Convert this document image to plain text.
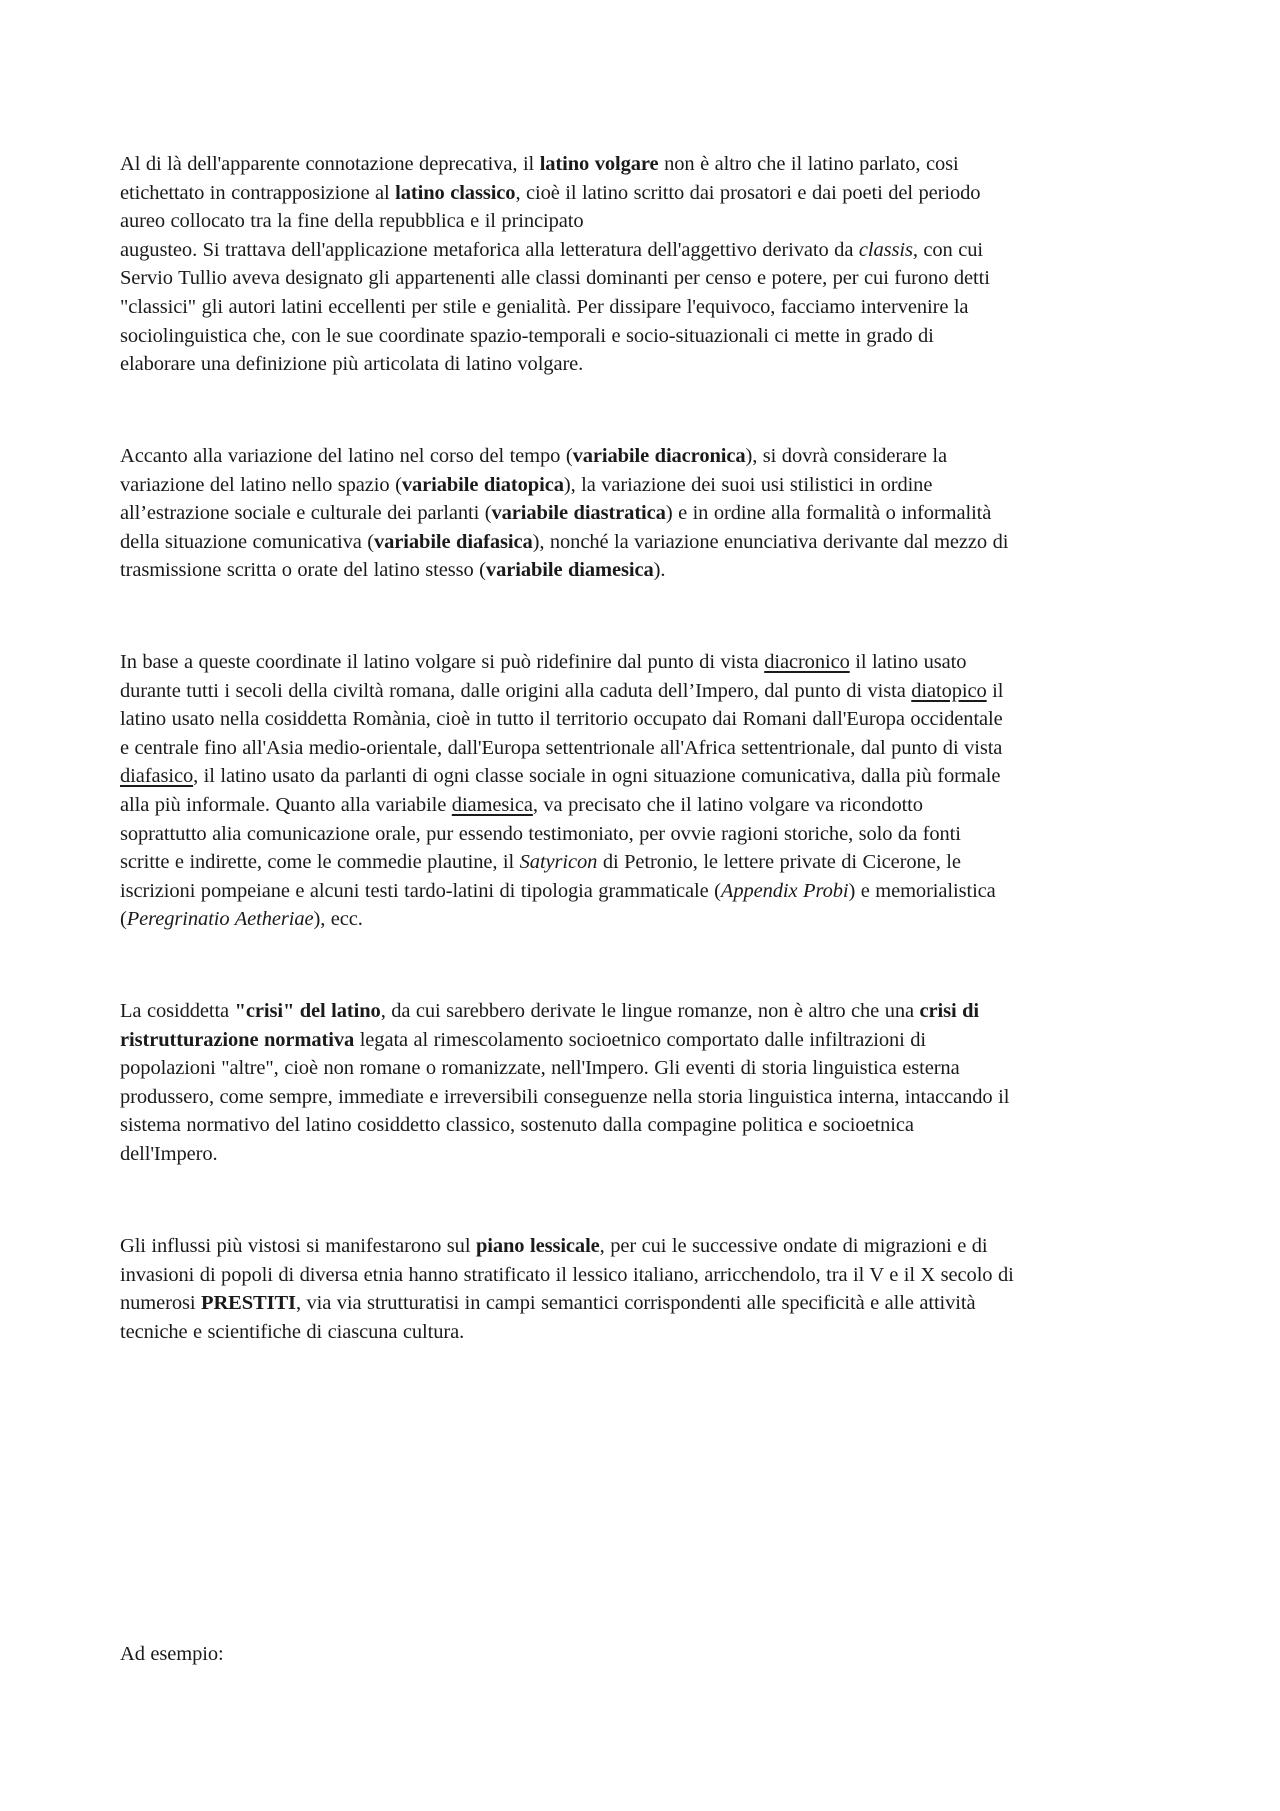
Al di là dell'apparente connotazione deprecativa, il latino volgare non è altro che il latino parlato, cosi
etichettato in contrapposizione al latino classico, cioè il latino scritto dai prosatori e dai poeti del periodo
aureo collocato tra la fine della repubblica e il principato
augusteo. Si trattava dell'applicazione metaforica alla letteratura dell'aggettivo derivato da classis, con cui
Servio Tullio aveva designato gli appartenenti alle classi dominanti per censo e potere, per cui furono detti
"classici" gli autori latini eccellenti per stile e genialità. Per dissipare l'equivoco, facciamo intervenire la
sociolinguistica che, con le sue coordinate spazio-temporali e socio-situazionali ci mette in grado di
elaborare una definizione più articolata di latino volgare.

Accanto alla variazione del latino nel corso del tempo (variabile diacronica), si dovrà considerare la
variazione del latino nello spazio (variabile diatopica), la variazione dei suoi usi stilistici in ordine
all’estrazione sociale e culturale dei parlanti (variabile diastratica) e in ordine alla formalità o informalità
della situazione comunicativa (variabile diafasica), nonché la variazione enunciativa derivante dal mezzo di
trasmissione scritta o orate del latino stesso (variabile diamesica).

In base a queste coordinate il latino volgare si può ridefinire dal punto di vista diacronico il latino usato
durante tutti i secoli della civiltà romana, dalle origini alla caduta dell’Impero, dal punto di vista diatopico il
latino usato nella cosiddetta Romània, cioè in tutto il territorio occupato dai Romani dall'Europa occidentale
e centrale fino all'Asia medio-orientale, dall'Europa settentrionale all'Africa settentrionale, dal punto di vista
diafasico, il latino usato da parlanti di ogni classe sociale in ogni situazione comunicativa, dalla più formale
alla più informale. Quanto alla variabile diamesica, va precisato che il latino volgare va ricondotto
soprattutto alia comunicazione orale, pur essendo testimoniato, per ovvie ragioni storiche, solo da fonti
scritte e indirette, come le commedie plautine, il Satyricon di Petronio, le lettere private di Cicerone, le
iscrizioni pompeiane e alcuni testi tardo-latini di tipologia grammaticale (Appendix Probi) e memorialistica
(Peregrinatio Aetheriae), ecc.

La cosiddetta "crisi" del latino, da cui sarebbero derivate le lingue romanze, non è altro che una crisi di
ristrutturazione normativa legata al rimescolamento socioetnico comportato dalle infiltrazioni di
popolazioni "altre", cioè non romane o romanizzate, nell'Impero. Gli eventi di storia linguistica esterna
produssero, come sempre, immediate e irreversibili conseguenze nella storia linguistica interna, intaccando il
sistema normativo del latino cosiddetto classico, sostenuto dalla compagine politica e socioetnica
dell'Impero.

Gli influssi più vistosi si manifestarono sul piano lessicale, per cui le successive ondate di migrazioni e di
invasioni di popoli di diversa etnia hanno stratificato il lessico italiano, arricchendolo, tra il V e il X secolo di
numerosi PRESTITI, via via strutturatisi in campi semantici corrispondenti alle specificità e alle attività
tecniche e scientifiche di ciascuna cultura.

Ad esempio:
